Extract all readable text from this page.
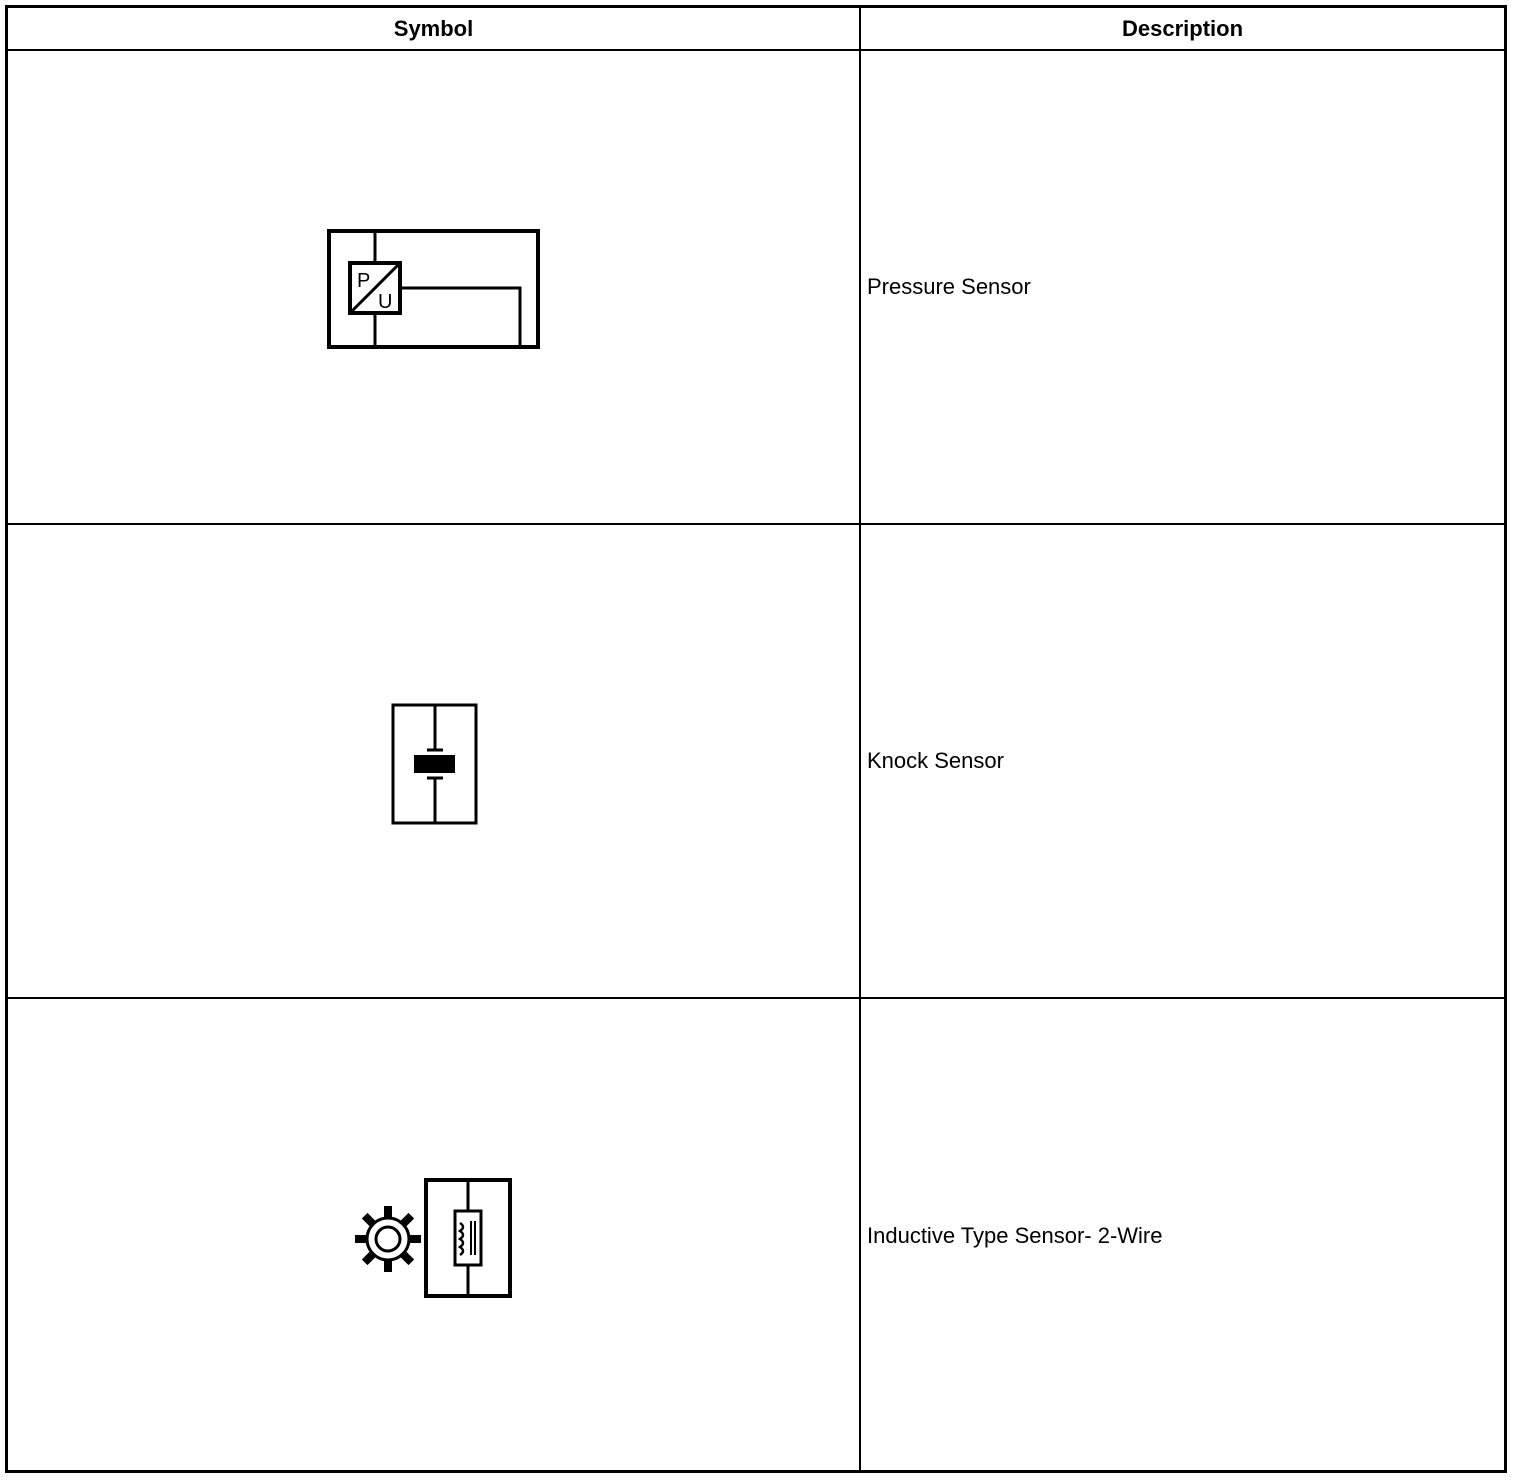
Symbol	Description
P
U
Pressure Sensor
Knock Sensor
Inductive Type Sensor- 2-Wire
